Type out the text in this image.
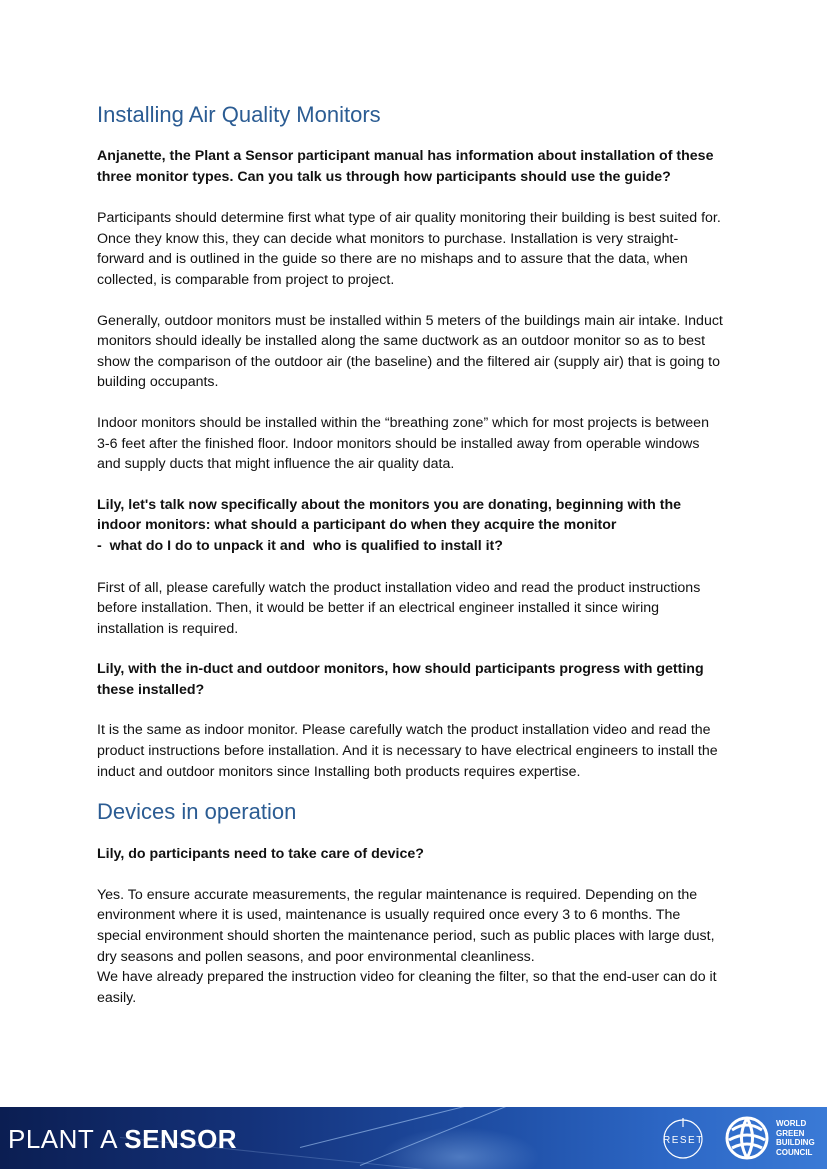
Installing Air Quality Monitors

Anjanette, the Plant a Sensor participant manual has information about installation of these three monitor types. Can you talk us through how participants should use the guide?

Participants should determine first what type of air quality monitoring their building is best suited for. Once they know this, they can decide what monitors to purchase. Installation is very straight-forward and is outlined in the guide so there are no mishaps and to assure that the data, when collected, is comparable from project to project.

Generally, outdoor monitors must be installed within 5 meters of the buildings main air intake. Induct monitors should ideally be installed along the same ductwork as an outdoor monitor so as to best show the comparison of the outdoor air (the baseline) and the filtered air (supply air) that is going to building occupants.

Indoor monitors should be installed within the “breathing zone” which for most projects is between 3-6 feet after the finished floor. Indoor monitors should be installed away from operable windows and supply ducts that might influence the air quality data.

Lily, let's talk now specifically about the monitors you are donating, beginning with the indoor monitors: what should a participant do when they acquire the monitor
-  what do I do to unpack it and  who is qualified to install it?

First of all, please carefully watch the product installation video and read the product instructions before installation. Then, it would be better if an electrical engineer installed it since wiring installation is required.

Lily, with the in-duct and outdoor monitors, how should participants progress with getting these installed?

It is the same as indoor monitor. Please carefully watch the product installation video and read the product instructions before installation. And it is necessary to have electrical engineers to install the induct and outdoor monitors since Installing both products requires expertise.

Devices in operation

Lily, do participants need to take care of device?

Yes. To ensure accurate measurements, the regular maintenance is required. Depending on the environment where it is used, maintenance is usually required once every 3 to 6 months. The special environment should shorten the maintenance period, such as public places with large dust, dry seasons and pollen seasons, and poor environmental cleanliness.

We have already prepared the instruction video for cleaning the filter, so that the end-user can do it easily.

PLANT A SENSOR	RESET
WORLD
GREEN
BUILDING
COUNCIL
